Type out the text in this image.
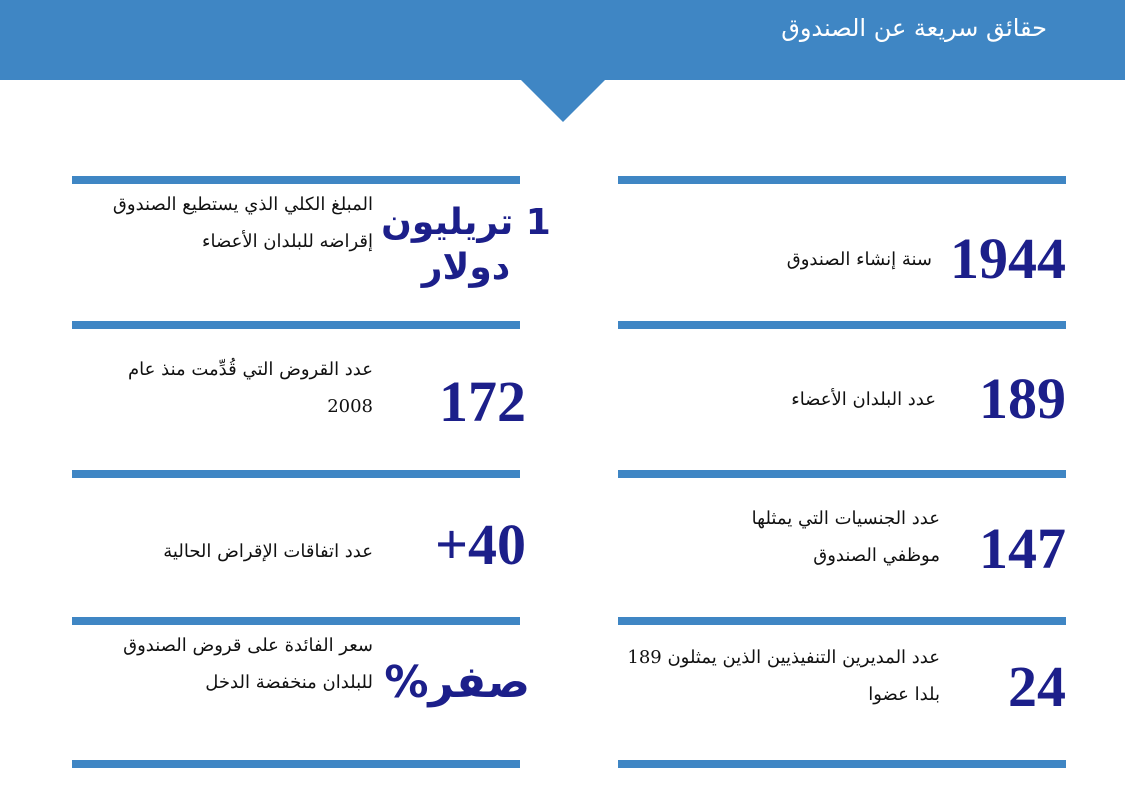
حقائق سريعة عن الصندوق
1944
سنة إنشاء الصندوق
189
عدد البلدان الأعضاء
147
عدد الجنسيات التي يمثلها موظفي الصندوق
24
عدد المديرين التنفيذيين الذين يمثلون 189 بلدا عضوا
1 تريليون دولار
المبلغ الكلي الذي يستطيع الصندوق إقراضه للبلدان الأعضاء
172
عدد القروض التي قُدِّمت منذ عام 2008
+40
عدد اتفاقات الإقراض الحالية
صفر%
سعر الفائدة على قروض الصندوق للبلدان منخفضة الدخل
